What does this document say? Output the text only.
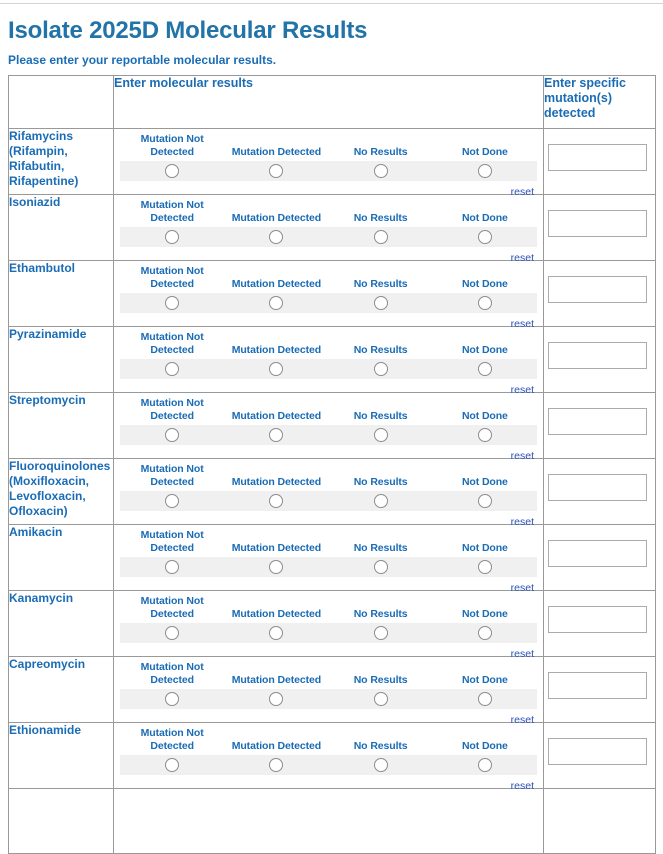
Isolate 2025D Molecular Results

Please enter your reportable molecular results.

	Enter molecular results	Enter specific mutation(s) detected
Rifamycins (Rifampin, Rifabutin, Rifapentine)	Mutation Not Detected Mutation Detected No Results Not Done
reset

Isoniazid	Mutation Not Detected Mutation Detected No Results Not Done
reset

Ethambutol	Mutation Not Detected Mutation Detected No Results Not Done
reset

Pyrazinamide	Mutation Not Detected Mutation Detected No Results Not Done
reset

Streptomycin	Mutation Not Detected Mutation Detected No Results Not Done
reset

Fluoroquinolones (Moxifloxacin, Levofloxacin, Ofloxacin)	Mutation Not Detected Mutation Detected No Results Not Done
reset

Amikacin	Mutation Not Detected Mutation Detected No Results Not Done
reset

Kanamycin	Mutation Not Detected Mutation Detected No Results Not Done
reset

Capreomycin	Mutation Not Detected Mutation Detected No Results Not Done
reset

Ethionamide	Mutation Not Detected Mutation Detected No Results Not Done
reset
